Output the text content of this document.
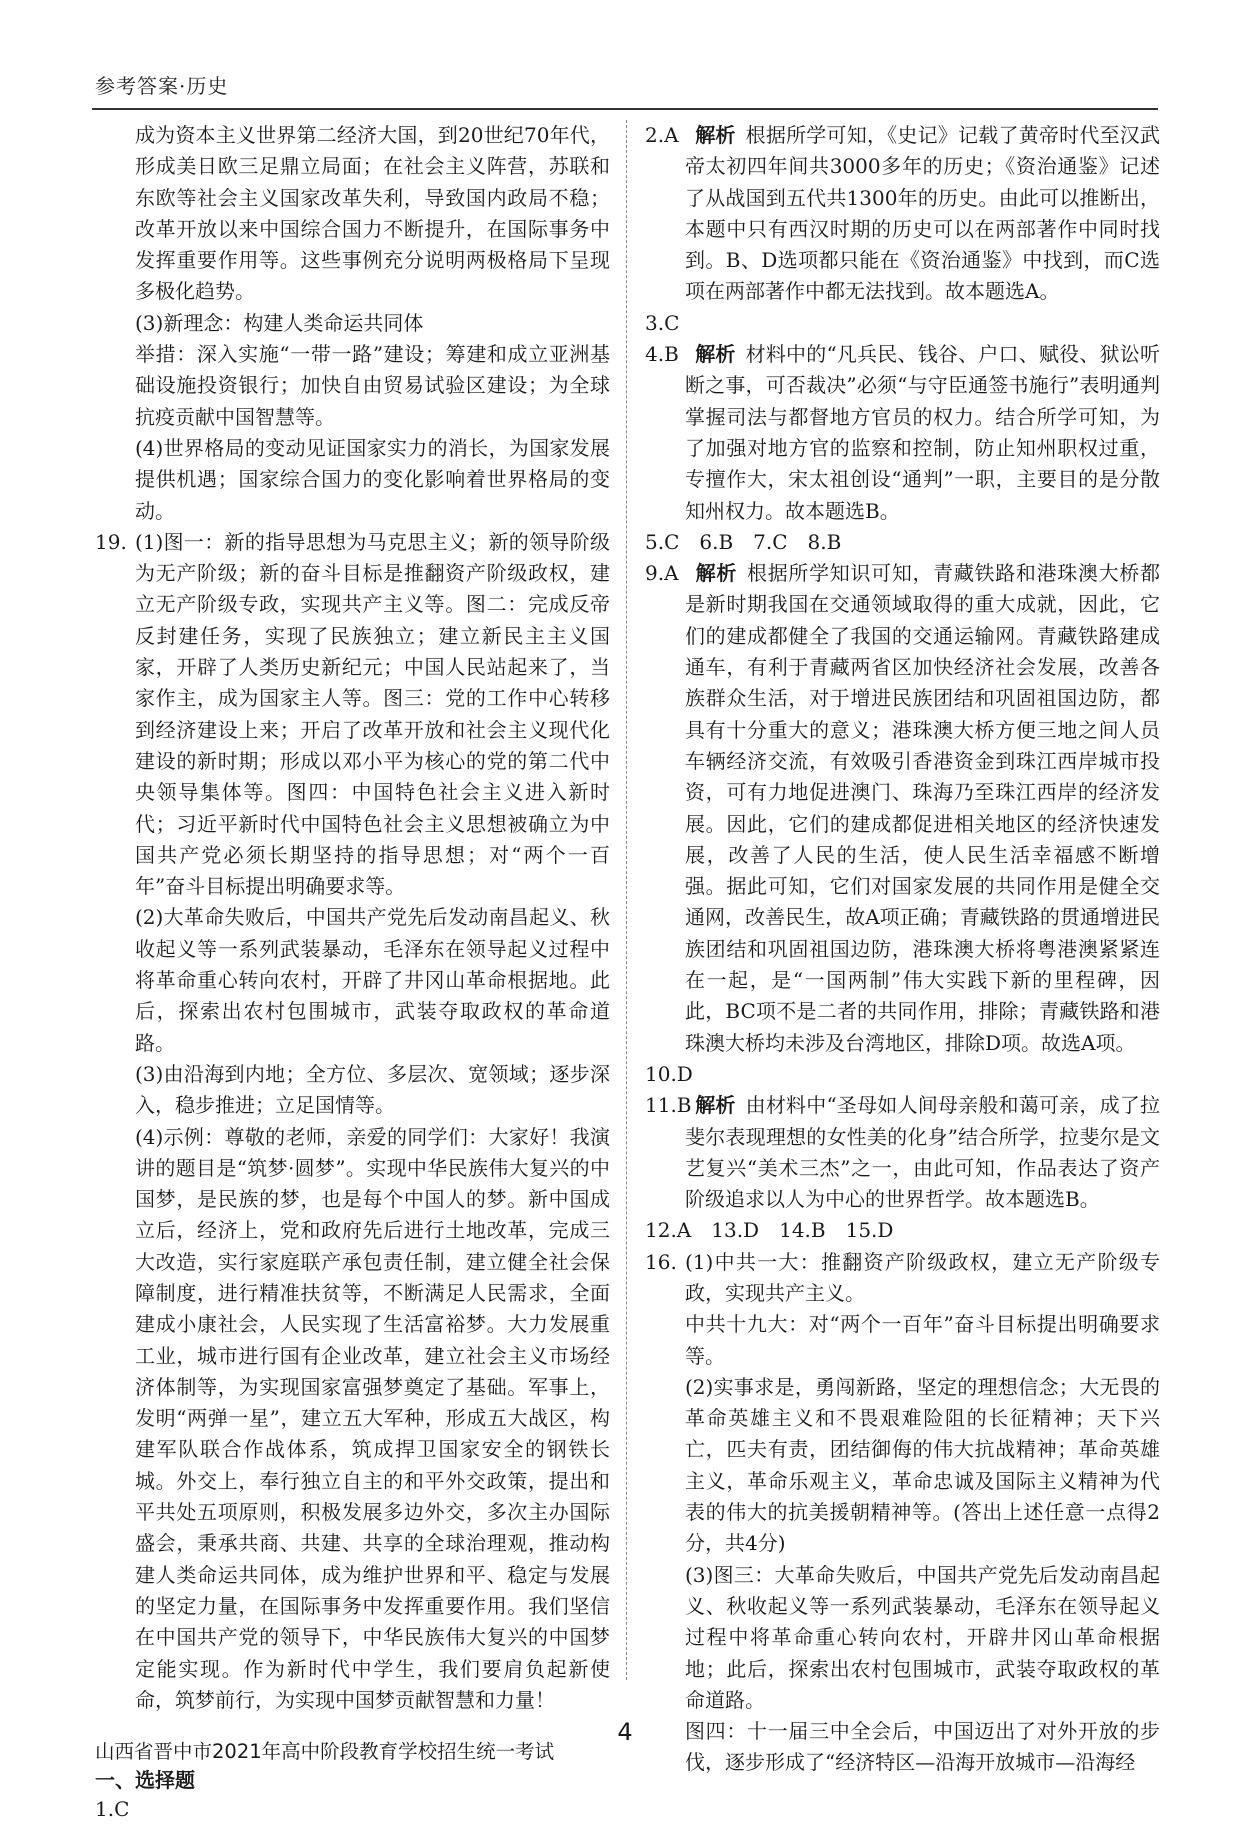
参考答案·历史

成为资本主义世界第二经济大国，到20世纪70年代，形成美日欧三足鼎立局面；在社会主义阵营，苏联和东欧等社会主义国家改革失利，导致国内政局不稳；改革开放以来中国综合国力不断提升，在国际事务中发挥重要作用等。这些事例充分说明两极格局下呈现多极化趋势。

(3)新理念：构建人类命运共同体

举措：深入实施“一带一路”建设；筹建和成立亚洲基础设施投资银行；加快自由贸易试验区建设；为全球抗疫贡献中国智慧等。

(4)世界格局的变动见证国家实力的消长，为国家发展提供机遇；国家综合国力的变化影响着世界格局的变动。

19. (1)图一：新的指导思想为马克思主义；新的领导阶级为无产阶级；新的奋斗目标是推翻资产阶级政权，建立无产阶级专政，实现共产主义等。图二：完成反帝反封建任务，实现了民族独立；建立新民主主义国家，开辟了人类历史新纪元；中国人民站起来了，当家作主，成为国家主人等。图三：党的工作中心转移到经济建设上来；开启了改革开放和社会主义现代化建设的新时期；形成以邓小平为核心的党的第二代中央领导集体等。图四：中国特色社会主义进入新时代；习近平新时代中国特色社会主义思想被确立为中国共产党必须长期坚持的指导思想；对“两个一百年”奋斗目标提出明确要求等。

(2)大革命失败后，中国共产党先后发动南昌起义、秋收起义等一系列武装暴动，毛泽东在领导起义过程中将革命重心转向农村，开辟了井冈山革命根据地。此后，探索出农村包围城市，武装夺取政权的革命道路。

(3)由沿海到内地；全方位、多层次、宽领域；逐步深入，稳步推进；立足国情等。

(4)示例：尊敬的老师，亲爱的同学们：大家好！我演讲的题目是“筑梦·圆梦”。实现中华民族伟大复兴的中国梦，是民族的梦，也是每个中国人的梦。新中国成立后，经济上，党和政府先后进行土地改革，完成三大改造，实行家庭联产承包责任制，建立健全社会保障制度，进行精准扶贫等，不断满足人民需求，全面建成小康社会，人民实现了生活富裕梦。大力发展重工业，城市进行国有企业改革，建立社会主义市场经济体制等，为实现国家富强梦奠定了基础。军事上，发明“两弹一星”，建立五大军种，形成五大战区，构建军队联合作战体系，筑成捍卫国家安全的钢铁长城。外交上，奉行独立自主的和平外交政策，提出和平共处五项原则，积极发展多边外交，多次主办国际盛会，秉承共商、共建、共享的全球治理观，推动构建人类命运共同体，成为维护世界和平、稳定与发展的坚定力量，在国际事务中发挥重要作用。我们坚信在中国共产党的领导下，中华民族伟大复兴的中国梦定能实现。作为新时代中学生，我们要肩负起新使命，筑梦前行，为实现中国梦贡献智慧和力量！

山西省晋中市2021年高中阶段教育学校招生统一考试
一、选择题
1.C
2.A 解析 根据所学可知，《史记》记载了黄帝时代至汉武帝太初四年间共3000多年的历史；《资治通鉴》记述了从战国到五代共1300年的历史。由此可以推断出，本题中只有西汉时期的历史可以在两部著作中同时找到。B、D选项都只能在《资治通鉴》中找到，而C选项在两部著作中都无法找到。故本题选A。
3.C
4.B 解析 材料中的“凡兵民、钱谷、户口、赋役、狱讼听断之事，可否裁决”必须“与守臣通签书施行”表明通判掌握司法与都督地方官员的权力。结合所学可知，为了加强对地方官的监察和控制，防止知州职权过重，专擅作大，宋太祖创设“通判”一职，主要目的是分散知州权力。故本题选B。
5.C　6.B　7.C　8.B
9.A 解析 根据所学知识可知，青藏铁路和港珠澳大桥都是新时期我国在交通领域取得的重大成就，因此，它们的建成都健全了我国的交通运输网。青藏铁路建成通车，有利于青藏两省区加快经济社会发展，改善各族群众生活，对于增进民族团结和巩固祖国边防，都具有十分重大的意义；港珠澳大桥方便三地之间人员车辆经济交流，有效吸引香港资金到珠江西岸城市投资，可有力地促进澳门、珠海乃至珠江西岸的经济发展。因此，它们的建成都促进相关地区的经济快速发展，改善了人民的生活，使人民生活幸福感不断增强。据此可知，它们对国家发展的共同作用是健全交通网，改善民生，故A项正确；青藏铁路的贯通增进民族团结和巩固祖国边防，港珠澳大桥将粤港澳紧紧连在一起，是“一国两制”伟大实践下新的里程碑，因此，BC项不是二者的共同作用，排除；青藏铁路和港珠澳大桥均未涉及台湾地区，排除D项。故选A项。
10.D
11.B 解析 由材料中“圣母如人间母亲般和蔼可亲，成了拉斐尔表现理想的女性美的化身”结合所学，拉斐尔是文艺复兴“美术三杰”之一，由此可知，作品表达了资产阶级追求以人为中心的世界哲学。故本题选B。
12.A　13.D　14.B　15.D
16. (1)中共一大：推翻资产阶级政权，建立无产阶级专政，实现共产主义。

中共十九大：对“两个一百年”奋斗目标提出明确要求等。

(2)实事求是，勇闯新路，坚定的理想信念；大无畏的革命英雄主义和不畏艰难险阻的长征精神；天下兴亡，匹夫有责，团结御侮的伟大抗战精神；革命英雄主义，革命乐观主义，革命忠诚及国际主义精神为代表的伟大的抗美援朝精神等。(答出上述任意一点得2分，共4分)

(3)图三：大革命失败后，中国共产党先后发动南昌起义、秋收起义等一系列武装暴动，毛泽东在领导起义过程中将革命重心转向农村，开辟井冈山革命根据地；此后，探索出农村包围城市，武装夺取政权的革命道路。

图四：十一届三中全会后，中国迈出了对外开放的步伐，逐步形成了“经济特区—沿海开放城市—沿海经

4
